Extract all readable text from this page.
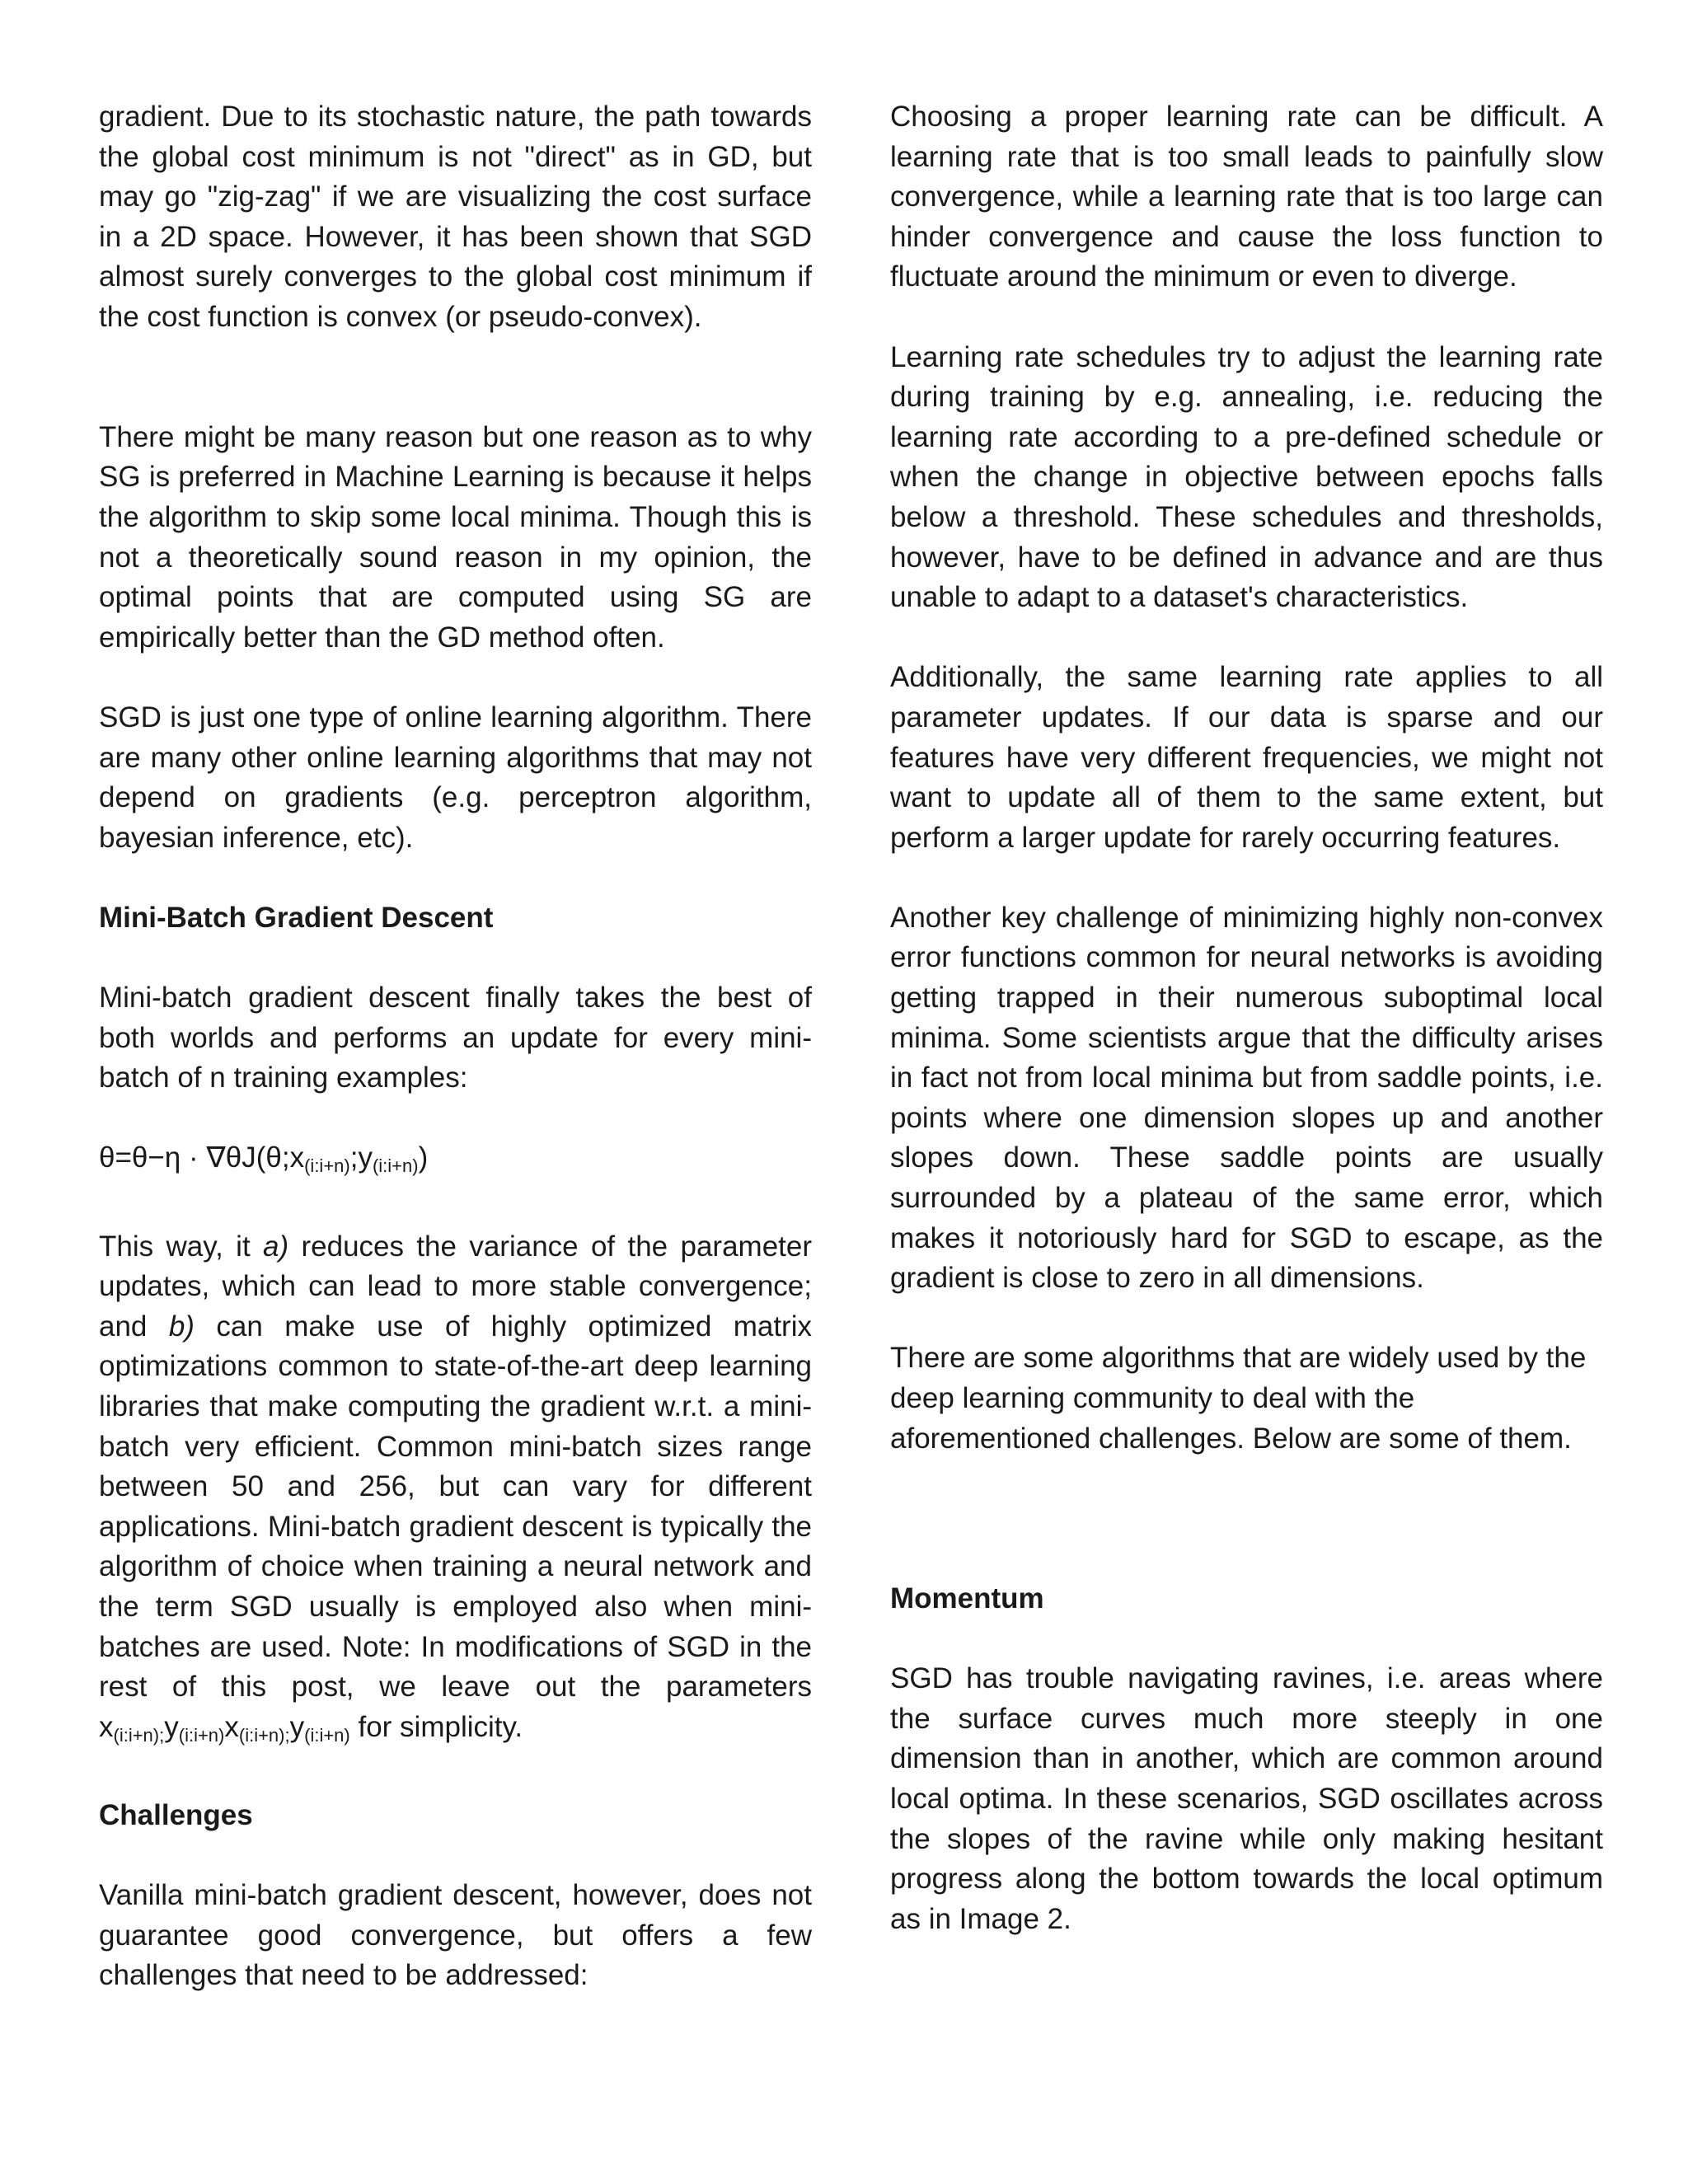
gradient. Due to its stochastic nature, the path towards the global cost minimum is not "direct" as in GD, but may go "zig-zag" if we are visualizing the cost surface in a 2D space. However, it has been shown that SGD almost surely converges to the global cost minimum if the cost function is convex (or pseudo-convex).

There might be many reason but one reason as to why SG is preferred in Machine Learning is because it helps the algorithm to skip some local minima. Though this is not a theoretically sound reason in my opinion, the optimal points that are computed using SG are empirically better than the GD method often.

SGD is just one type of online learning algorithm. There are many other online learning algorithms that may not depend on gradients (e.g. perceptron algorithm, bayesian inference, etc).

Mini-Batch Gradient Descent

Mini-batch gradient descent finally takes the best of both worlds and performs an update for every mini-batch of n training examples:

$\theta=\theta-\eta \cdot \nabla\theta J(\theta;x_{(i:i+n)};y_{(i:i+n)})$

This way, it a) reduces the variance of the parameter updates, which can lead to more stable convergence; and b) can make use of highly optimized matrix optimizations common to state-of-the-art deep learning libraries that make computing the gradient w.r.t. a mini-batch very efficient. Common mini-batch sizes range between 50 and 256, but can vary for different applications. Mini-batch gradient descent is typically the algorithm of choice when training a neural network and the term SGD usually is employed also when mini-batches are used. Note: In modifications of SGD in the rest of this post, we leave out the parameters $x_{(i:i+n);}y_{(i:i+n)}x_{(i:i+n);}y_{(i:i+n)}$ for simplicity.

Challenges

Vanilla mini-batch gradient descent, however, does not guarantee good convergence, but offers a few challenges that need to be addressed:

Choosing a proper learning rate can be difficult. A learning rate that is too small leads to painfully slow convergence, while a learning rate that is too large can hinder convergence and cause the loss function to fluctuate around the minimum or even to diverge.

Learning rate schedules try to adjust the learning rate during training by e.g. annealing, i.e. reducing the learning rate according to a pre-defined schedule or when the change in objective between epochs falls below a threshold. These schedules and thresholds, however, have to be defined in advance and are thus unable to adapt to a dataset's characteristics.

Additionally, the same learning rate applies to all parameter updates. If our data is sparse and our features have very different frequencies, we might not want to update all of them to the same extent, but perform a larger update for rarely occurring features.

Another key challenge of minimizing highly non-convex error functions common for neural networks is avoiding getting trapped in their numerous suboptimal local minima. Some scientists argue that the difficulty arises in fact not from local minima but from saddle points, i.e. points where one dimension slopes up and another slopes down. These saddle points are usually surrounded by a plateau of the same error, which makes it notoriously hard for SGD to escape, as the gradient is close to zero in all dimensions.

There are some algorithms that are widely used by the deep learning community to deal with the aforementioned challenges. Below are some of them.

Momentum

SGD has trouble navigating ravines, i.e. areas where the surface curves much more steeply in one dimension than in another, which are common around local optima. In these scenarios, SGD oscillates across the slopes of the ravine while only making hesitant progress along the bottom towards the local optimum as in Image 2.
